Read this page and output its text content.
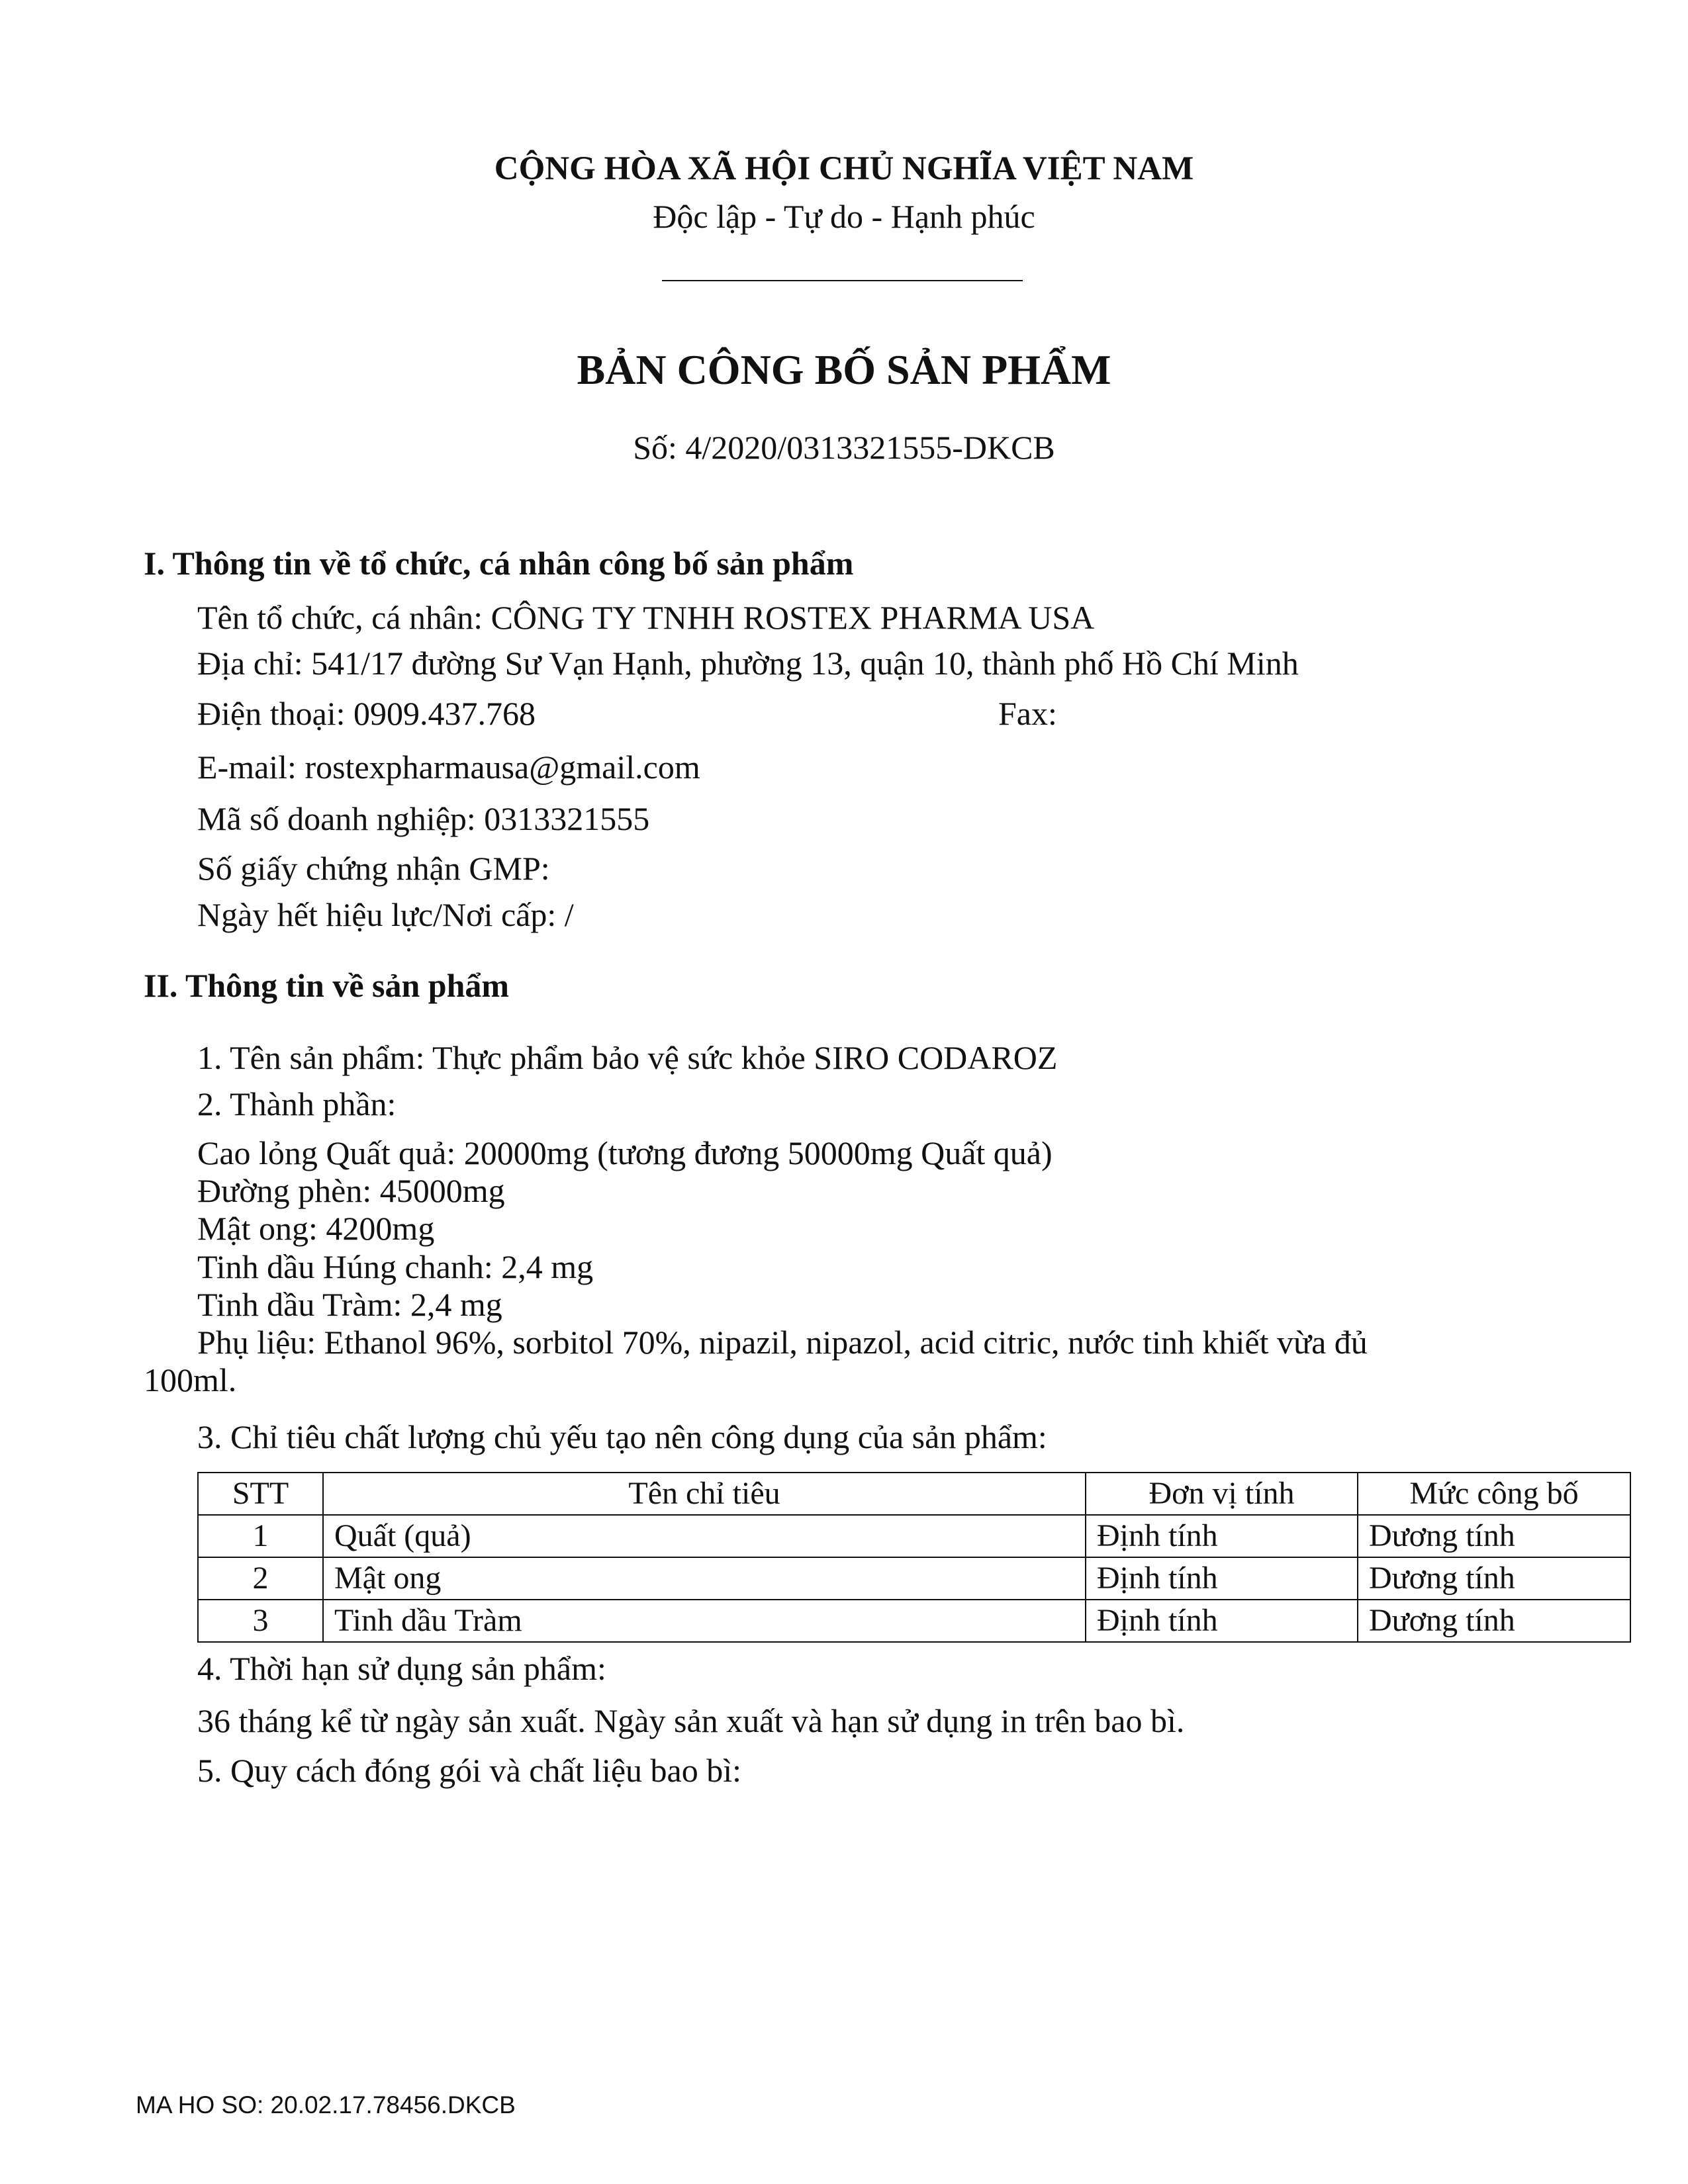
CỘNG HÒA XÃ HỘI CHỦ NGHĨA VIỆT NAM
Độc lập - Tự do - Hạnh phúc
BẢN CÔNG BỐ SẢN PHẨM
Số: 4/2020/0313321555-DKCB
I. Thông tin về tổ chức, cá nhân công bố sản phẩm
Tên tổ chức, cá nhân: CÔNG TY TNHH ROSTEX PHARMA USA
Địa chỉ: 541/17 đường Sư Vạn Hạnh, phường 13, quận 10, thành phố Hồ Chí Minh
Điện thoại: 0909.437.768	Fax:
E-mail: rostexpharmausa@gmail.com
Mã số doanh nghiệp: 0313321555
Số giấy chứng nhận GMP:
Ngày hết hiệu lực/Nơi cấp: /
II. Thông tin về sản phẩm
1. Tên sản phẩm: Thực phẩm bảo vệ sức khỏe SIRO CODAROZ
2. Thành phần:
Cao lỏng Quất quả: 20000mg (tương đương 50000mg Quất quả)
Đường phèn: 45000mg
Mật ong: 4200mg
Tinh dầu Húng chanh: 2,4 mg
Tinh dầu Tràm: 2,4 mg
Phụ liệu: Ethanol 96%, sorbitol 70%, nipazil, nipazol, acid citric, nước tinh khiết vừa đủ
100ml.
3. Chỉ tiêu chất lượng chủ yếu tạo nên công dụng của sản phẩm:
STT	Tên chỉ tiêu	Đơn vị tính	Mức công bố
1	Quất (quả)	Định tính	Dương tính
2	Mật ong	Định tính	Dương tính
3	Tinh dầu Tràm	Định tính	Dương tính
4. Thời hạn sử dụng sản phẩm:
36 tháng kể từ ngày sản xuất. Ngày sản xuất và hạn sử dụng in trên bao bì.
5. Quy cách đóng gói và chất liệu bao bì:
MA HO SO: 20.02.17.78456.DKCB
